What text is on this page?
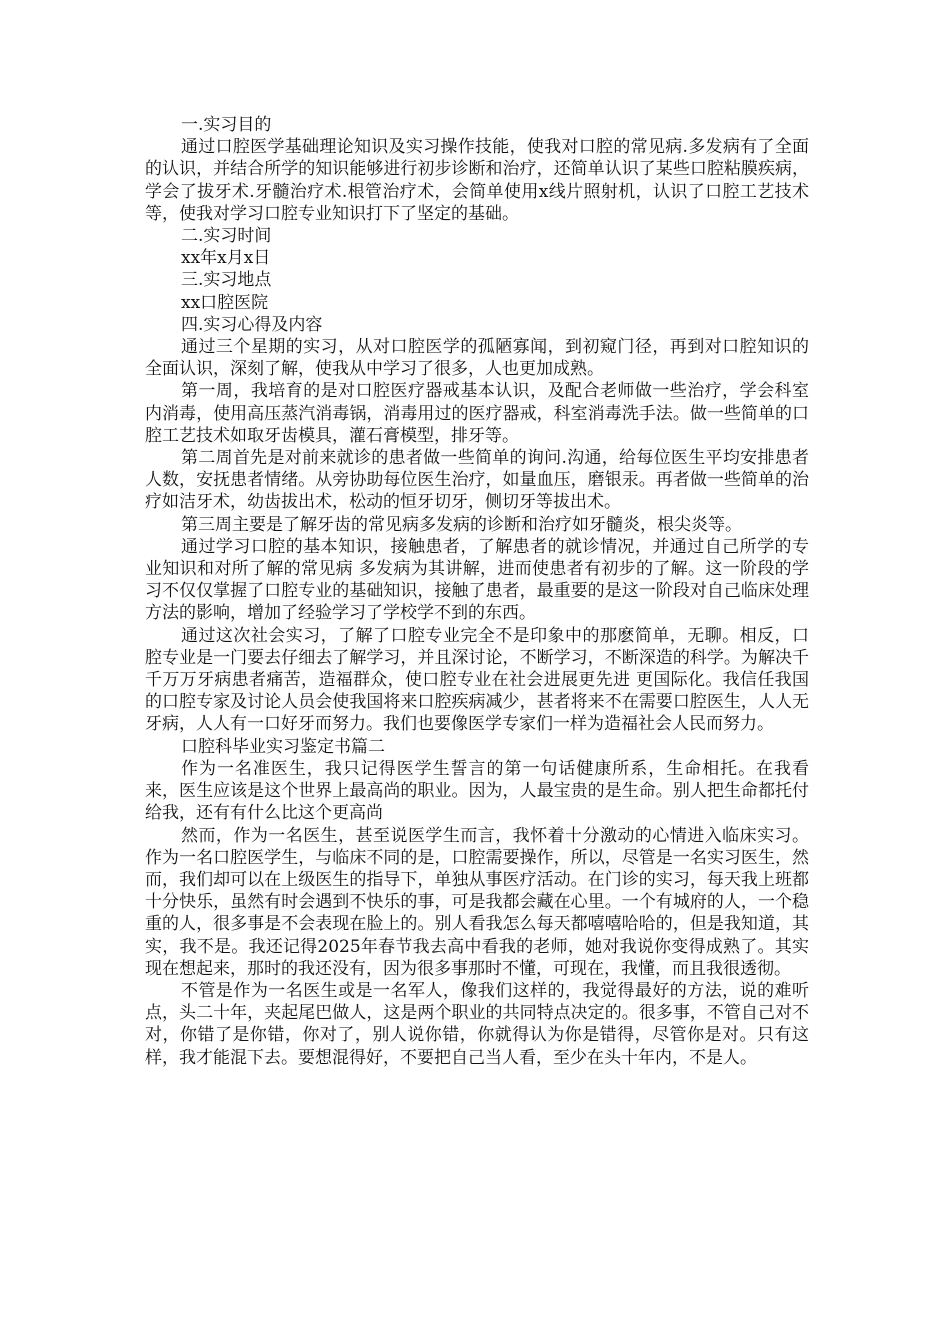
一.实习目的

通过口腔医学基础理论知识及实习操作技能，使我对口腔的常见病.多发病有了全面的认识，并结合所学的知识能够进行初步诊断和治疗，还简单认识了某些口腔粘膜疾病，学会了拔牙术.牙髓治疗术.根管治疗术，会简单使用x线片照射机，认识了口腔工艺技术等，使我对学习口腔专业知识打下了坚定的基础。

二.实习时间

xx年x月x日

三.实习地点

xx口腔医院

四.实习心得及内容

通过三个星期的实习，从对口腔医学的孤陋寡闻，到初窥门径，再到对口腔知识的全面认识，深刻了解，使我从中学习了很多，人也更加成熟。

第一周，我培育的是对口腔医疗器戒基本认识，及配合老师做一些治疗，学会科室内消毒，使用高压蒸汽消毒锅，消毒用过的医疗器戒，科室消毒洗手法。做一些简单的口腔工艺技术如取牙齿模具，灌石膏模型，排牙等。

第二周首先是对前来就诊的患者做一些简单的询问.沟通，给每位医生平均安排患者人数，安抚患者情绪。从旁协助每位医生治疗，如量血压，磨银汞。再者做一些简单的治疗如洁牙术，幼齿拔出术，松动的恒牙切牙，侧切牙等拔出术。

第三周主要是了解牙齿的常见病多发病的诊断和治疗如牙髓炎，根尖炎等。

通过学习口腔的基本知识，接触患者，了解患者的就诊情况，并通过自己所学的专业知识和对所了解的常见病 多发病为其讲解，进而使患者有初步的了解。这一阶段的学习不仅仅掌握了口腔专业的基础知识，接触了患者，最重要的是这一阶段对自己临床处理方法的影响，增加了经验学习了学校学不到的东西。

通过这次社会实习，了解了口腔专业完全不是印象中的那麽简单，无聊。相反，口腔专业是一门要去仔细去了解学习，并且深讨论，不断学习，不断深造的科学。为解决千千万万牙病患者痛苦，造福群众，使口腔专业在社会进展更先进 更国际化。我信任我国的口腔专家及讨论人员会使我国将来口腔疾病减少，甚者将来不在需要口腔医生，人人无牙病，人人有一口好牙而努力。我们也要像医学专家们一样为造福社会人民而努力。

口腔科毕业实习鉴定书篇二

作为一名准医生，我只记得医学生誓言的第一句话健康所系，生命相托。在我看来，医生应该是这个世界上最高尚的职业。因为，人最宝贵的是生命。别人把生命都托付给我，还有有什么比这个更高尚

然而，作为一名医生，甚至说医学生而言，我怀着十分激动的心情进入临床实习。作为一名口腔医学生，与临床不同的是，口腔需要操作，所以，尽管是一名实习医生，然而，我们却可以在上级医生的指导下，单独从事医疗活动。在门诊的实习，每天我上班都十分快乐，虽然有时会遇到不快乐的事，可是我都会藏在心里。一个有城府的人，一个稳重的人，很多事是不会表现在脸上的。别人看我怎么每天都嘻嘻哈哈的，但是我知道，其实，我不是。我还记得2025年春节我去高中看我的老师，她对我说你变得成熟了。其实现在想起来，那时的我还没有，因为很多事那时不懂，可现在，我懂，而且我很透彻。

不管是作为一名医生或是一名军人，像我们这样的，我觉得最好的方法，说的难听点，头二十年，夹起尾巴做人，这是两个职业的共同特点决定的。很多事，不管自己对不对，你错了是你错，你对了，别人说你错，你就得认为你是错得，尽管你是对。只有这样，我才能混下去。要想混得好，不要把自己当人看，至少在头十年内，不是人。
